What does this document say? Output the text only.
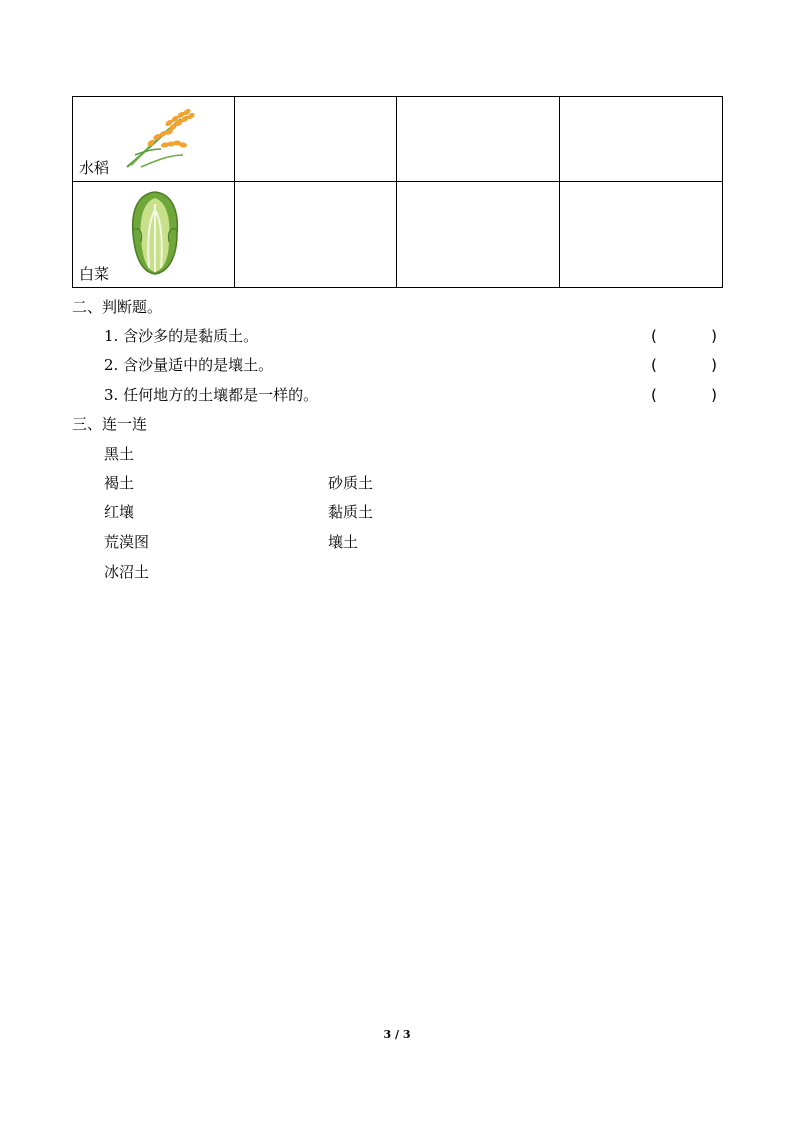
水稻			

白菜			

二、判断题。
1. 含沙多的是黏质土。	(	)
2. 含沙量适中的是壤土。	(	)
3. 任何地方的土壤都是一样的。	(	)
三、连一连
黑土
褐土
红壤
荒漠图
冰沼土
砂质土
黏质土
壤土
3 / 3
